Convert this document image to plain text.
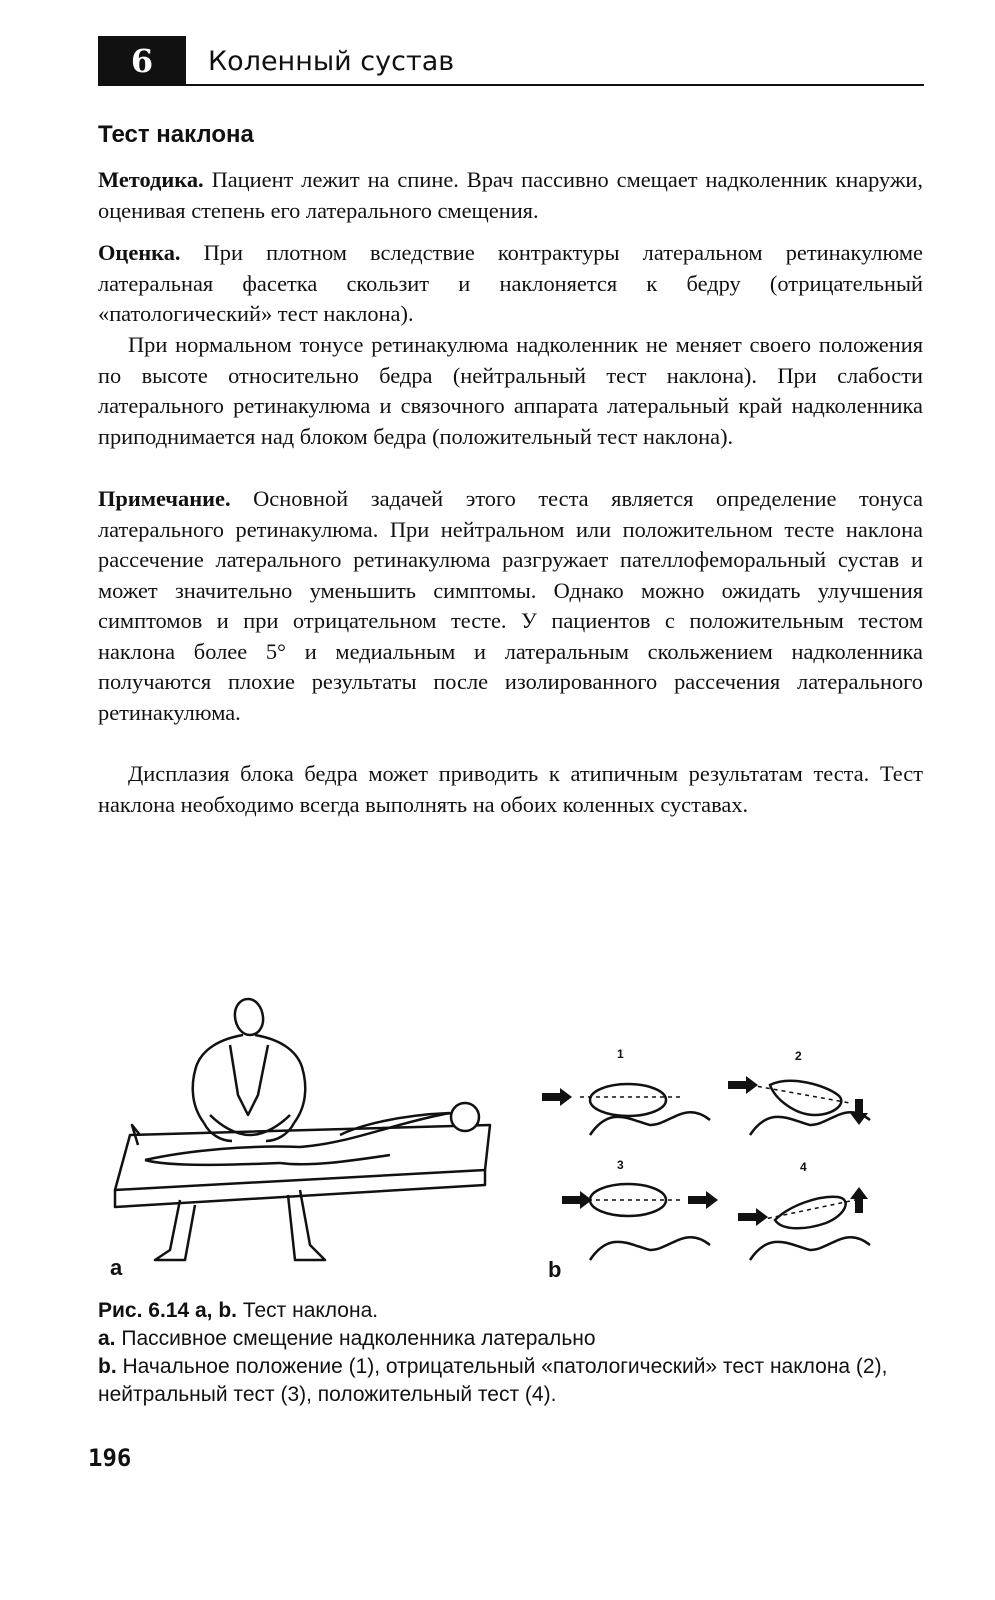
6 Коленный сустав
Тест наклона
Методика. Пациент лежит на спине. Врач пассивно смещает надколенник кнаружи, оценивая степень его латерального смещения.
Оценка. При плотном вследствие контрактуры латеральном ретинакулюме латеральная фасетка скользит и наклоняется к бедру (отрицательный «патологический» тест наклона).
При нормальном тонусе ретинакулюма надколенник не меняет своего положения по высоте относительно бедра (нейтральный тест наклона). При слабости латерального ретинакулюма и связочного аппарата латеральный край надколенника приподнимается над блоком бедра (положительный тест наклона).
Примечание. Основной задачей этого теста является определение тонуса латерального ретинакулюма. При нейтральном или положительном тесте наклона рассечение латерального ретинакулюма разгружает пателлофеморальный сустав и может значительно уменьшить симптомы. Однако можно ожидать улучшения симптомов и при отрицательном тесте. У пациентов с положительным тестом наклона более 5° и медиальным и латеральным скольжением надколенника получаются плохие результаты после изолированного рассечения латерального ретинакулюма.
Дисплазия блока бедра может приводить к атипичным результатам теста. Тест наклона необходимо всегда выполнять на обоих коленных суставах.
a	b
1	2
3	4
Рис. 6.14 a, b. Тест наклона.
a. Пассивное смещение надколенника латерально
b. Начальное положение (1), отрицательный «патологический» тест наклона (2), нейтральный тест (3), положительный тест (4).
196
